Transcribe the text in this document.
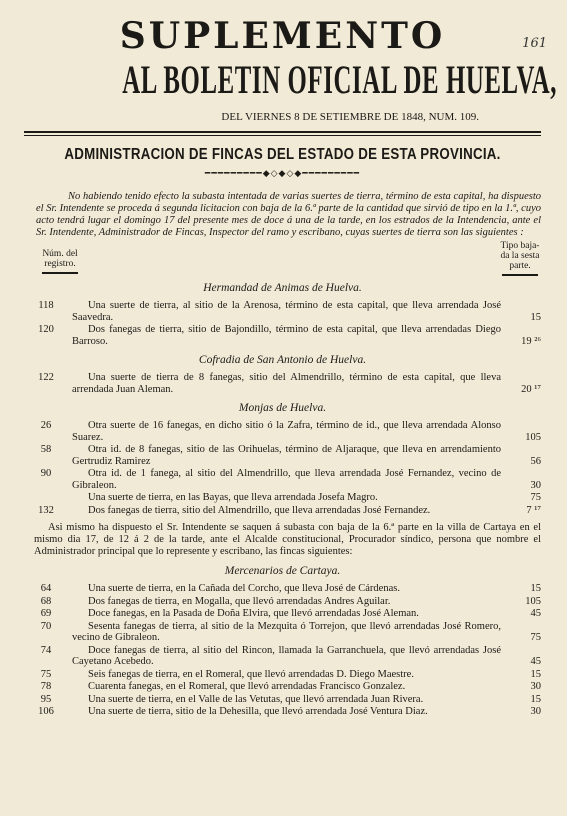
161
SUPLEMENTO
AL BOLETIN OFICIAL DE HUELVA,
DEL VIERNES 8 DE SETIEMBRE DE 1848, NUM. 109.
ADMINISTRACION DE FINCAS DEL ESTADO DE ESTA PROVINCIA.
━━━━━━━━━◆◇◆◇◆━━━━━━━━━
No habiendo tenido efecto la subasta intentada de varias suertes de tierra, término de esta capital, ha dispuesto el Sr. Intendente se proceda á segunda licitacion con baja de la 6.ª parte de la cantidad que sirvió de tipo en la 1.ª, cuyo acto tendrá lugar el domingo 17 del presente mes de doce á una de la tarde, en los estrados de la Intendencia, ante el Sr. Intendente, Administrador de Fincas, Inspector del ramo y escribano, cuyas suertes de tierra son las siguientes :
Núm. del registro.
Tipo baja-da la sesta parte.
Hermandad de Animas de Huelva.
118	Una suerte de tierra, al sitio de la Arenosa, término de esta capital, que lleva arrendada José Saavedra.	15
120	Dos fanegas de tierra, sitio de Bajondillo, término de esta capital, que lleva arrendadas Diego Barroso.	19 ²⁶
Cofradia de San Antonio de Huelva.
122	Una suerte de tierra de 8 fanegas, sitio del Almendrillo, término de esta capital, que lleva arrendada Juan Aleman.	20 ¹⁷
Monjas de Huelva.
26	Otra suerte de 16 fanegas, en dicho sitio ó la Zafra, término de id., que lleva arrendada Alonso Suarez.	105
58	Otra id. de 8 fanegas, sitio de las Orihuelas, término de Aljaraque, que lleva en arrendamiento Gertrudiz Ramirez	56
90	Otra id. de 1 fanega, al sitio del Almendrillo, que lleva arrendada José Fernandez, vecino de Gibraleon.	30
Una suerte de tierra, en las Bayas, que lleva arrendada Josefa Magro.	75
132	Dos fanegas de tierra, sitio del Almendrillo, que lleva arrendadas José Fernandez.	7 ¹⁷
Asi mismo ha dispuesto el Sr. Intendente se saquen á subasta con baja de la 6.ª parte en la villa de Cartaya en el mismo dia 17, de 12 á 2 de la tarde, ante el Alcalde constitucional, Procurador síndico, persona que nombre el Administrador principal que lo represente y escribano, las fincas siguientes:
Mercenarios de Cartaya.
64	Una suerte de tierra, en la Cañada del Corcho, que lleva José de Cárdenas.	15
68	Dos fanegas de tierra, en Mogalla, que llevó arrendadas Andres Aguilar.	105
69	Doce fanegas, en la Pasada de Doña Elvira, que llevó arrendadas José Aleman.	45
70	Sesenta fanegas de tierra, al sitio de la Mezquita ó Torrejon, que llevó arrendadas José Romero, vecino de Gibraleon.	75
74	Doce fanegas de tierra, al sitio del Rincon, llamada la Garranchuela, que llevó arrendadas José Cayetano Acebedo.	45
75	Seis fanegas de tierra, en el Romeral, que llevó arrendadas D. Diego Maestre.	15
78	Cuarenta fanegas, en el Romeral, que llevó arrendadas Francisco Gonzalez.	30
95	Una suerte de tierra, en el Valle de las Vetutas, que llevó arrendada Juan Rivera.	15
106	Una suerte de tierra, sitio de la Dehesilla, que llevó arrendada José Ventura Diaz.	30
